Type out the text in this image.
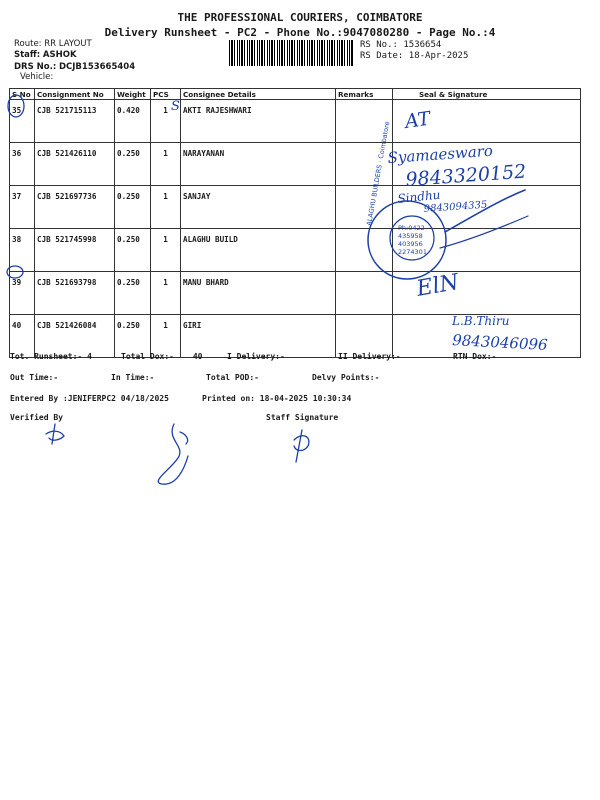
THE PROFESSIONAL COURIERS, COIMBATORE
Delivery Runsheet - PC2 - Phone No.:9047080280 - Page No.:4
Route: RR LAYOUT
Staff: ASHOK
DRS No.: DCJB153665404
Vehicle:
RS No.: 1536654
RS Date: 18-Apr-2025
S No	Consignment No	Weight	PCS	Consignee Details	Remarks	Seal & Signature
35	CJB 521715113	0.420	1	AKTI RAJESHWARI		
36	CJB 521426110	0.250	1	NARAYANAN		
37	CJB 521697736	0.250	1	SANJAY		
38	CJB 521745998	0.250	1	ALAGHU BUILD		
39	CJB 521693798	0.250	1	MANU BHARD		
40	CJB 521426084	0.250	1	GIRI		
Tot. Runsheet:- 4	Total Dox:- 40	I Delivery:-	II Delivery:-	RTN Dox:-
Out Time:-	In Time:-	Total POD:-	Delvy Points:-
Entered By :JENIFERPC2 04/18/2025	Printed on: 18-04-2025 10:30:34
Verified By	Staff Signature
S
AT
Syamaeswaro
9843320152
Sindhu
9843094335
ElN
L.B.Thiru
9843046096
ALAGHU BUILDERS · Coimbatore
Ph:0422
435958
403956
2274301
